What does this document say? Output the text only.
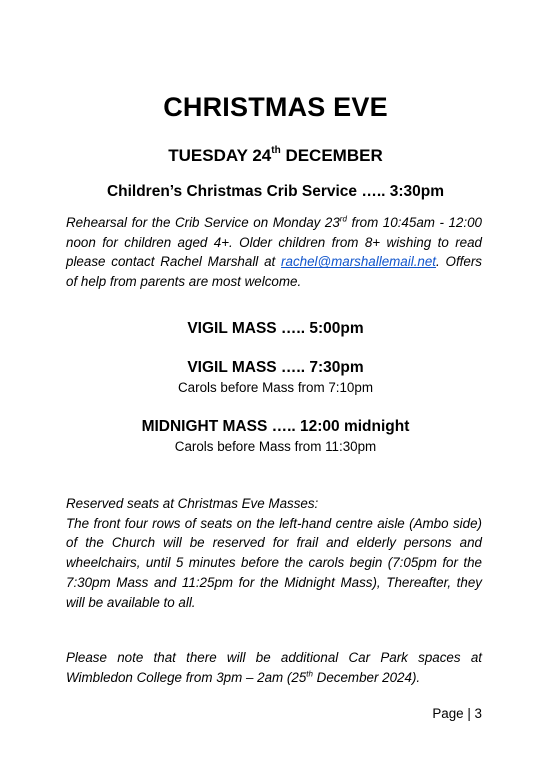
CHRISTMAS EVE
TUESDAY 24th DECEMBER
Children’s Christmas Crib Service ….. 3:30pm
Rehearsal for the Crib Service on Monday 23rd from 10:45am - 12:00 noon for children aged 4+. Older children from 8+ wishing to read please contact Rachel Marshall at rachel@marshallemail.net. Offers of help from parents are most welcome.
VIGIL MASS ….. 5:00pm
VIGIL MASS ….. 7:30pm
Carols before Mass from 7:10pm
MIDNIGHT MASS ….. 12:00 midnight
Carols before Mass from 11:30pm

Reserved seats at Christmas Eve Masses:

The front four rows of seats on the left-hand centre aisle (Ambo side) of the Church will be reserved for frail and elderly persons and wheelchairs, until 5 minutes before the carols begin (7:05pm for the 7:30pm Mass and 11:25pm for the Midnight Mass), Thereafter, they will be available to all.

Please note that there will be additional Car Park spaces at Wimbledon College from 3pm – 2am (25th December 2024).
Page | 3
